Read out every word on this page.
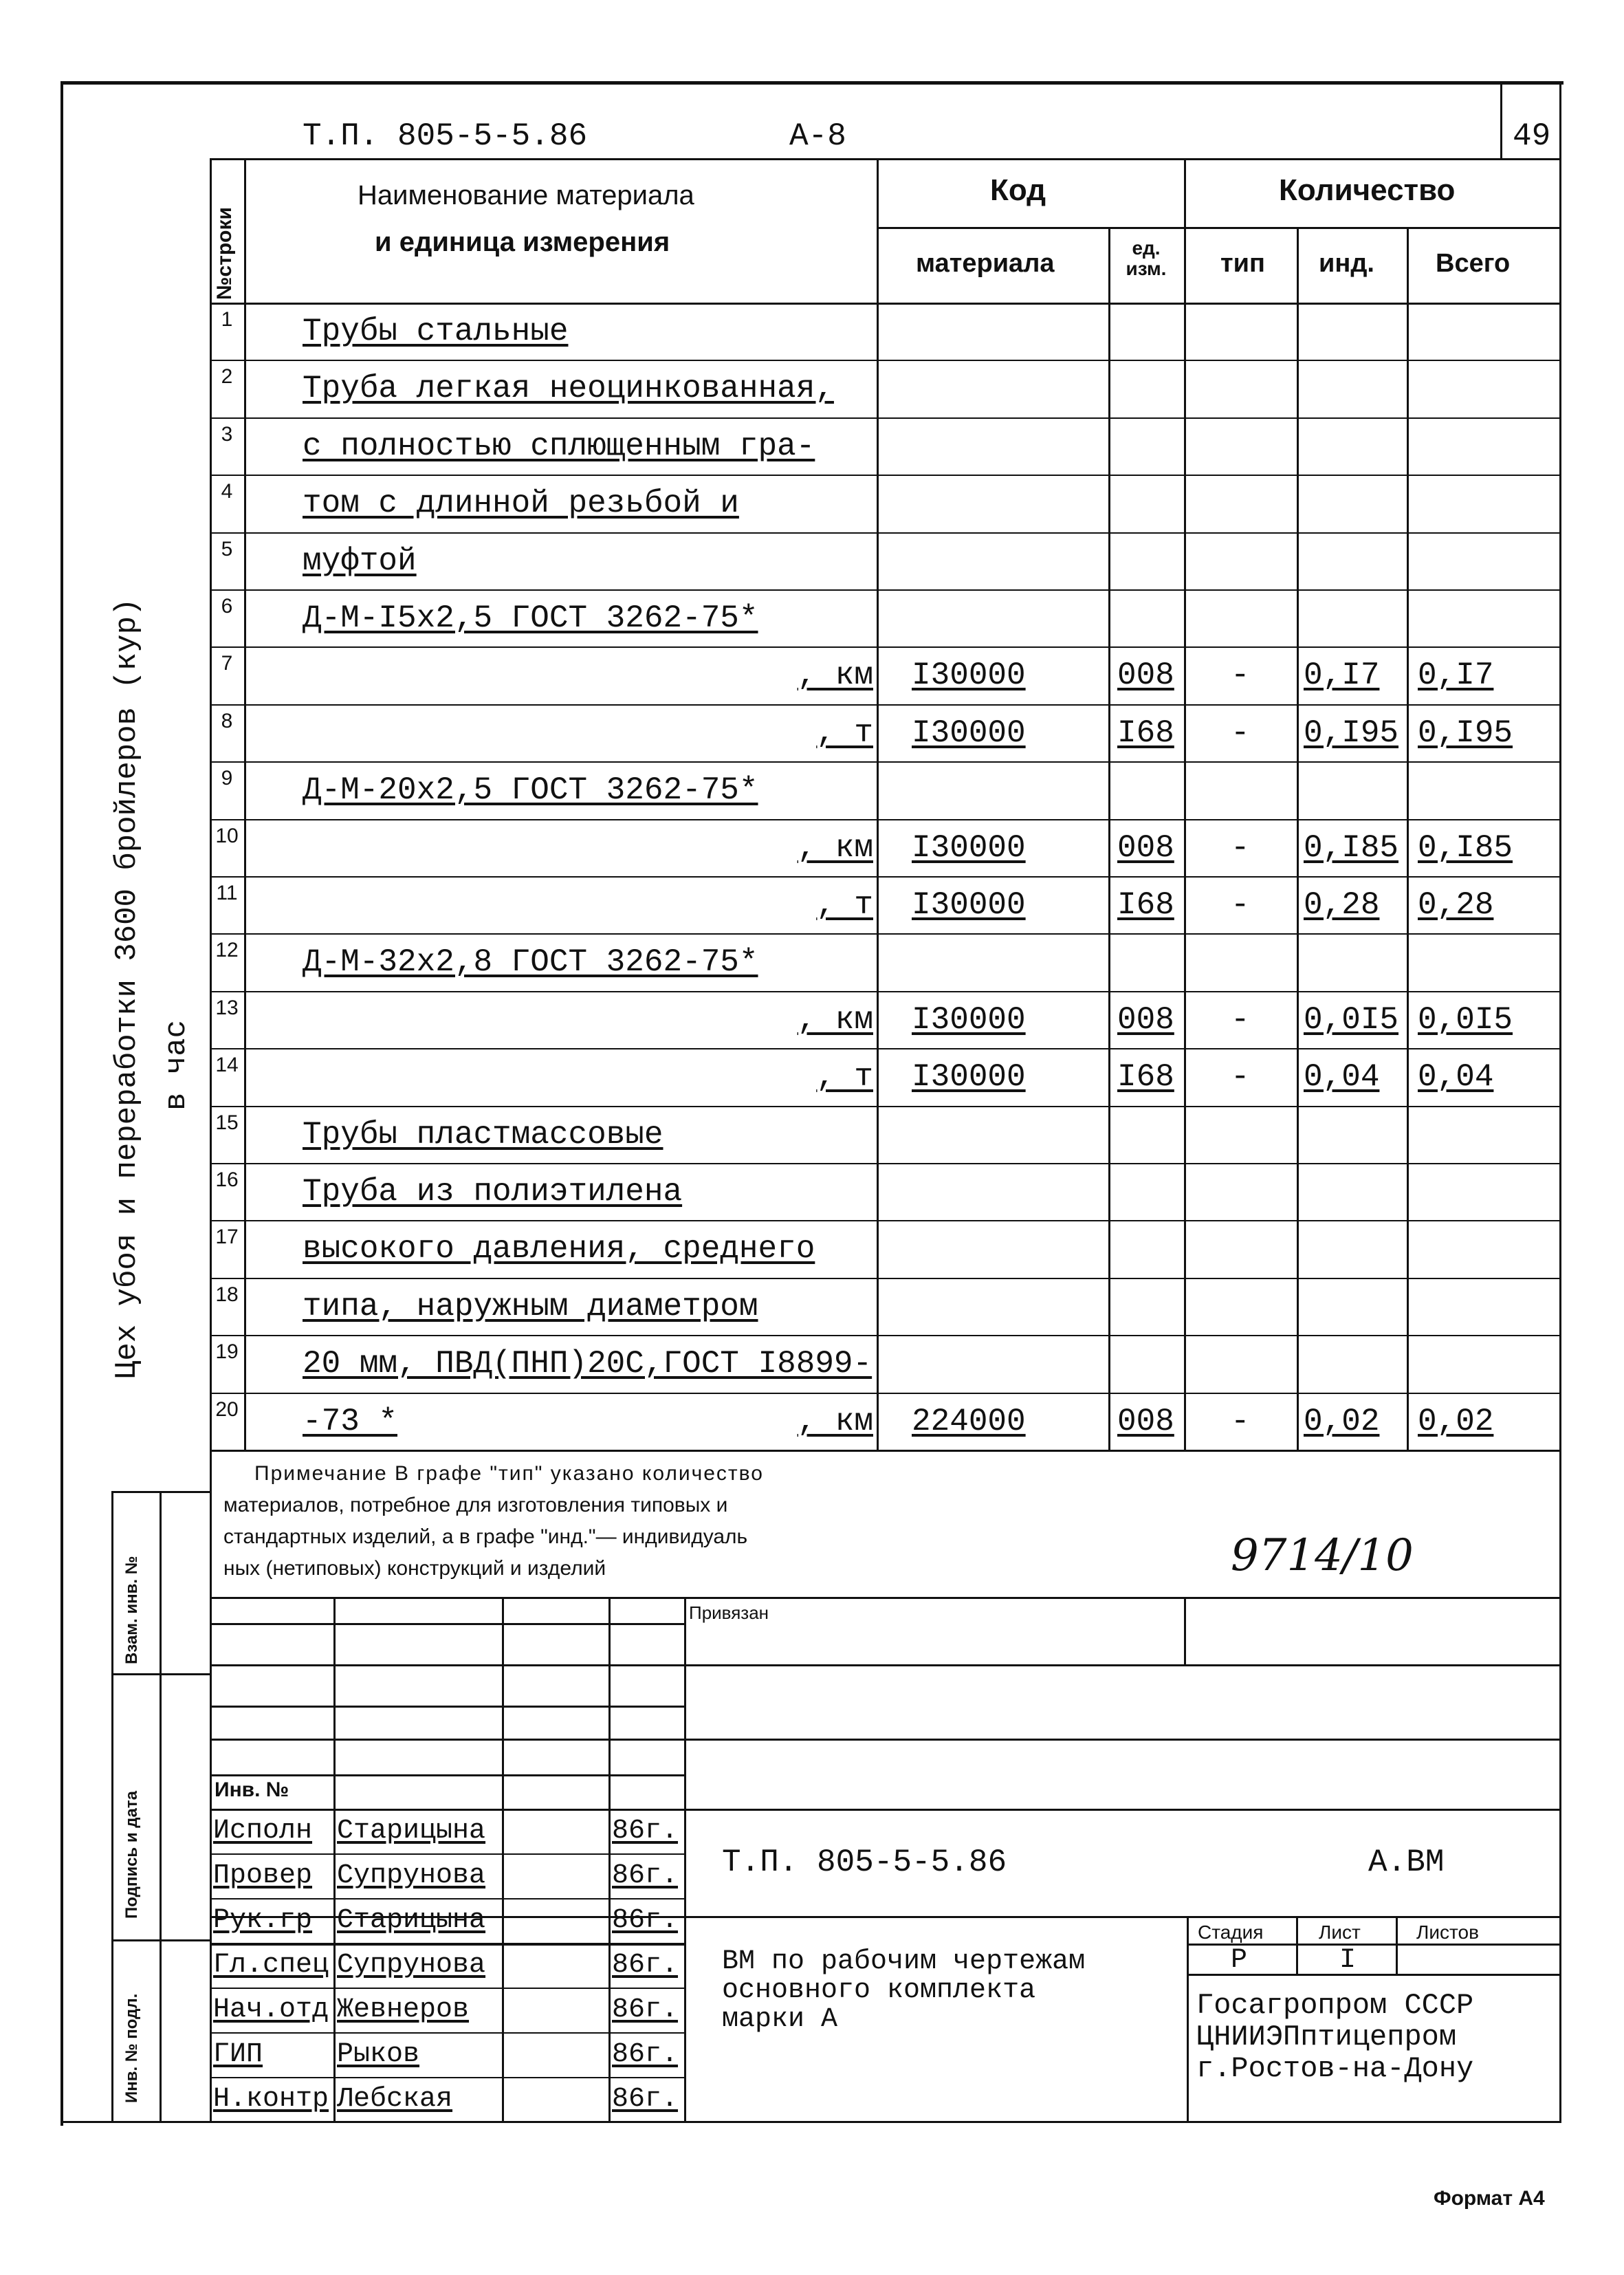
Т.П. 805-5-5.86	А-8	49
Цех убоя и переработки 3600 бройлеров (кур) в час
Взам. инв. №
Подпись и дата
Инв. № подл.
№строки
Наименование материала
и единица измерения
Код
материала
ед. изм.
Количество
тип инд. Всего
1 Трубы стальные
2 Труба легкая неоцинкованная,
3 с полностью сплющенным гра-
4 том с длинной резьбой и
5 муфтой
6 Д-М-I5x2,5 ГОСТ 3262-75*
7	, км I30000	008 - 0,I7 0,I7
8	, т I30000	I68 - 0,I95 0,I95
9 Д-М-20x2,5 ГОСТ 3262-75*
10	, км I30000	008 - 0,I85 0,I85
11	, т I30000	I68 - 0,28 0,28
12 Д-М-32x2,8 ГОСТ 3262-75*
13	, км I30000	008 - 0,0I5 0,0I5
14	, т I30000	I68 - 0,04 0,04
15 Трубы пластмассовые
16 Труба из полиэтилена
17 высокого давления, среднего
18 типа, наружным диаметром
19 20 мм, ПВД(ПНП)20С,ГОСТ I8899-
20 -73 *	, км 224000	008 - 0,02 0,02
Примечание В графе "тип" указано количество
материалов, потребное для изготовления типовых и
стандартных изделий, а в графе "инд."— индивидуаль
ных (нетиповых) конструкций и изделий	9714/10
Привязан
Инв. №
Т.П. 805-5-5.86	А.ВМ
ВМ по рабочим чертежам
основного комплекта
марки А
Стадия	Лист	Листов
Р	I
Госагропром СССР
ЦНИИЭПптицепром
г.Ростов-на-Дону
Исполн Старицына	86г.
Провер Супрунова	86г.
Рук.гр Старицына	86г.
Гл.спец Супрунова	86г.
Нач.отд Жевнеров	86г.
ГИП	Рыков	86г.
Н.контр Лебская	86г.
Формат А4
